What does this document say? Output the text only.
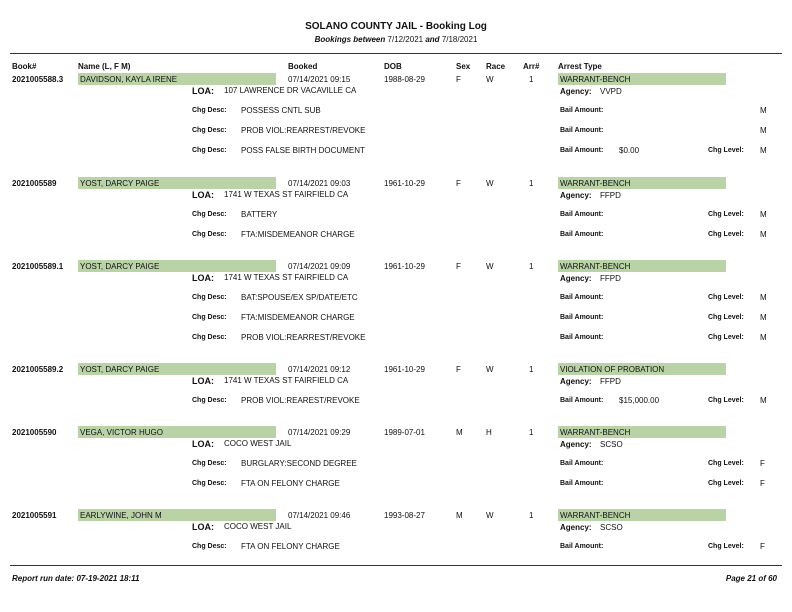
SOLANO COUNTY JAIL - Booking Log
Bookings between 7/12/2021 and 7/18/2021
Book#	Name (L, F M)	Booked	DOB	Sex Race Arr# Arrest Type
2021005588.3 DAVIDSON, KAYLA IRENE	07/14/2021 09:15	1988-08-29	F	W	1	WARRANT-BENCH
LOA: 107 LAWRENCE DR VACAVILLE CA	Agency: VVPD
Chg Desc: POSSESS CNTL SUB	Bail Amount:	M
Chg Desc: PROB VIOL:REARREST/REVOKE	Bail Amount:	M
Chg Desc: POSS FALSE BIRTH DOCUMENT	Bail Amount: $0.00	Chg Level: M
2021005589	YOST, DARCY PAIGE	07/14/2021 09:03	1961-10-29	F	W	1	WARRANT-BENCH
LOA: 1741 W TEXAS ST FAIRFIELD CA	Agency: FFPD
Chg Desc: BATTERY	Bail Amount:	Chg Level: M
Chg Desc: FTA:MISDEMEANOR CHARGE	Bail Amount:	Chg Level: M
2021005589.1 YOST, DARCY PAIGE	07/14/2021 09:09	1961-10-29	F	W	1	WARRANT-BENCH
LOA: 1741 W TEXAS ST FAIRFIELD CA	Agency: FFPD
Chg Desc: BAT:SPOUSE/EX SP/DATE/ETC	Bail Amount:	Chg Level: M
Chg Desc: FTA:MISDEMEANOR CHARGE	Bail Amount:	Chg Level: M
Chg Desc: PROB VIOL:REARREST/REVOKE	Bail Amount:	Chg Level: M
2021005589.2 YOST, DARCY PAIGE	07/14/2021 09:12	1961-10-29	F	W	1	VIOLATION OF PROBATION
LOA: 1741 W TEXAS ST FAIRFIELD CA	Agency: FFPD
Chg Desc: PROB VIOL:REAREST/REVOKE	Bail Amount: $15,000.00	Chg Level: M
2021005590	VEGA, VICTOR HUGO	07/14/2021 09:29	1989-07-01	M	H	1	WARRANT-BENCH
LOA: COCO WEST JAIL	Agency: SCSO
Chg Desc: BURGLARY:SECOND DEGREE	Bail Amount:	Chg Level: F
Chg Desc: FTA ON FELONY CHARGE	Bail Amount:	Chg Level: F
2021005591	EARLYWINE, JOHN M	07/14/2021 09:46	1993-08-27	M	W	1	WARRANT-BENCH
LOA: COCO WEST JAIL	Agency: SCSO
Chg Desc: FTA ON FELONY CHARGE	Bail Amount:	Chg Level: F
Report run date: 07-19-2021 18:11	Page 21 of 60
